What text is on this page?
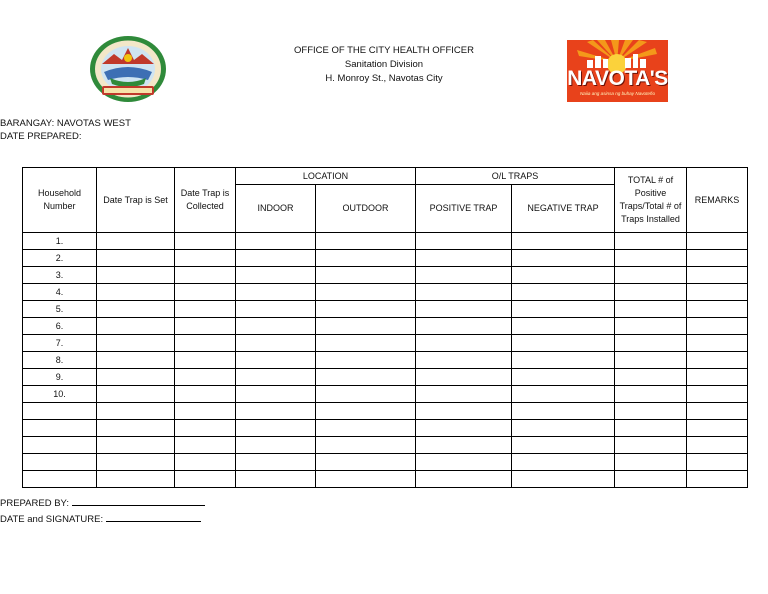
OFFICE OF THE CITY HEALTH OFFICER
Sanitation Division
H. Monroy St., Navotas City	NAVOTA'S
Naiia ang asinsa ng buhay Navoteño
BARANGAY: NAVOTAS WEST
DATE PREPARED:
Household Number	Date Trap is Set	Date Trap is Collected	LOCATION		O/L TRAPS		TOTAL # of Positive Traps/Total # of Traps Installed	REMARKS
			INDOOR	OUTDOOR	POSITIVE TRAP	NEGATIVE TRAP		
1.								
2.								
3.								
4.								
5.								
6.								
7.								
8.								
9.								
10.								

PREPARED BY:
DATE and SIGNATURE:
